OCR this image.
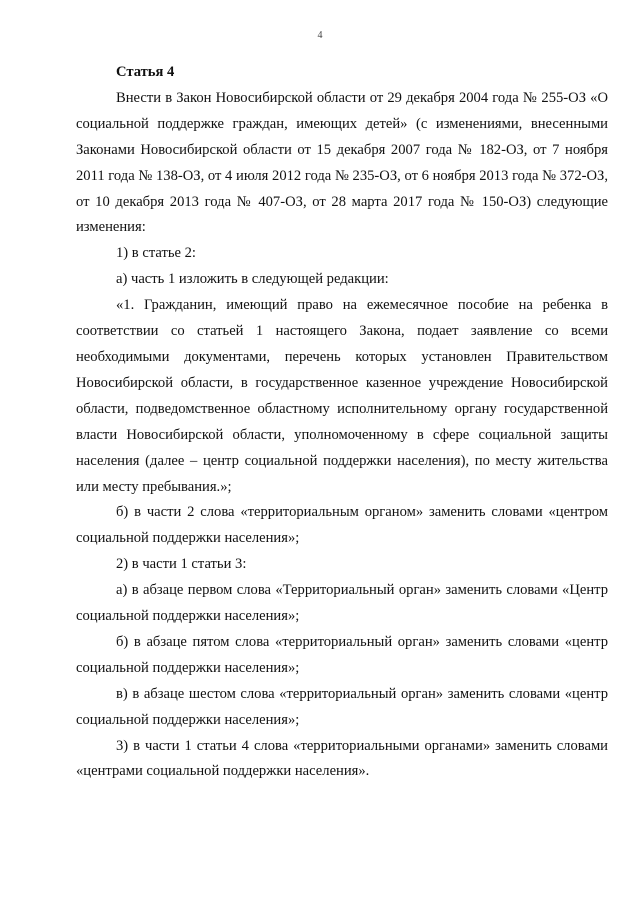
4

Статья 4

Внести в Закон Новосибирской области от 29 декабря 2004 года № 255-ОЗ «О социальной поддержке граждан, имеющих детей» (с изменениями, внесенными Законами Новосибирской области от 15 декабря 2007 года № 182-ОЗ, от 7 ноября 2011 года № 138-ОЗ, от 4 июля 2012 года № 235-ОЗ, от 6 ноября 2013 года № 372-ОЗ, от 10 декабря 2013 года № 407-ОЗ, от 28 марта 2017 года № 150-ОЗ) следующие изменения:

1) в статье 2:

а) часть 1 изложить в следующей редакции:

«1. Гражданин, имеющий право на ежемесячное пособие на ребенка в соответствии со статьей 1 настоящего Закона, подает заявление со всеми необходимыми документами, перечень которых установлен Правительством Новосибирской области, в государственное казенное учреждение Новосибирской области, подведомственное областному исполнительному органу государственной власти Новосибирской области, уполномоченному в сфере социальной защиты населения (далее – центр социальной поддержки населения), по месту жительства или месту пребывания.»;

б) в части 2 слова «территориальным органом» заменить словами «центром социальной поддержки населения»;

2) в части 1 статьи 3:

а) в абзаце первом слова «Территориальный орган» заменить словами «Центр социальной поддержки населения»;

б) в абзаце пятом слова «территориальный орган» заменить словами «центр социальной поддержки населения»;

в) в абзаце шестом слова «территориальный орган» заменить словами «центр социальной поддержки населения»;

3) в части 1 статьи 4 слова «территориальными органами» заменить словами «центрами социальной поддержки населения».
